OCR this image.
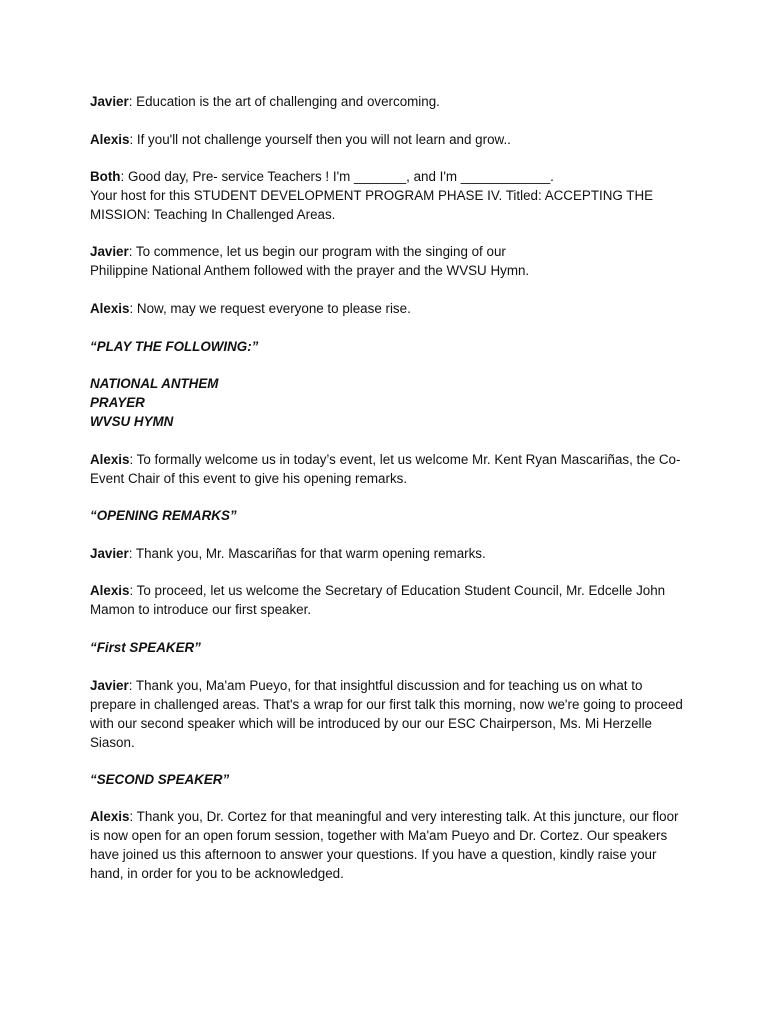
Javier: Education is the art of challenging and overcoming.

Alexis: If you'll not challenge yourself then you will not learn and grow..

Both: Good day, Pre- service Teachers ! I'm _______, and I'm ____________.
Your host for this STUDENT DEVELOPMENT PROGRAM PHASE IV. Titled: ACCEPTING THE MISSION: Teaching In Challenged Areas.

Javier: To commence, let us begin our program with the singing of our
Philippine National Anthem followed with the prayer and the WVSU Hymn.

Alexis: Now, may we request everyone to please rise.

“PLAY THE FOLLOWING:”

NATIONAL ANTHEM
PRAYER
WVSU HYMN

Alexis: To formally welcome us in today’s event, let us welcome Mr. Kent Ryan Mascariñas, the Co-Event Chair of this event to give his opening remarks.

“OPENING REMARKS”

Javier: Thank you, Mr. Mascariñas for that warm opening remarks.

Alexis: To proceed, let us welcome the Secretary of Education Student Council, Mr. Edcelle John Mamon to introduce our first speaker.

“First SPEAKER”

Javier: Thank you, Ma'am Pueyo, for that insightful discussion and for teaching us on what to prepare in challenged areas. That's a wrap for our first talk this morning, now we're going to proceed with our second speaker which will be introduced by our our ESC Chairperson, Ms. Mi Herzelle Siason.

“SECOND SPEAKER”

Alexis: Thank you, Dr. Cortez for that meaningful and very interesting talk. At this juncture, our floor is now open for an open forum session, together with Ma'am Pueyo and Dr. Cortez. Our speakers have joined us this afternoon to answer your questions. If you have a question, kindly raise your hand, in order for you to be acknowledged.
